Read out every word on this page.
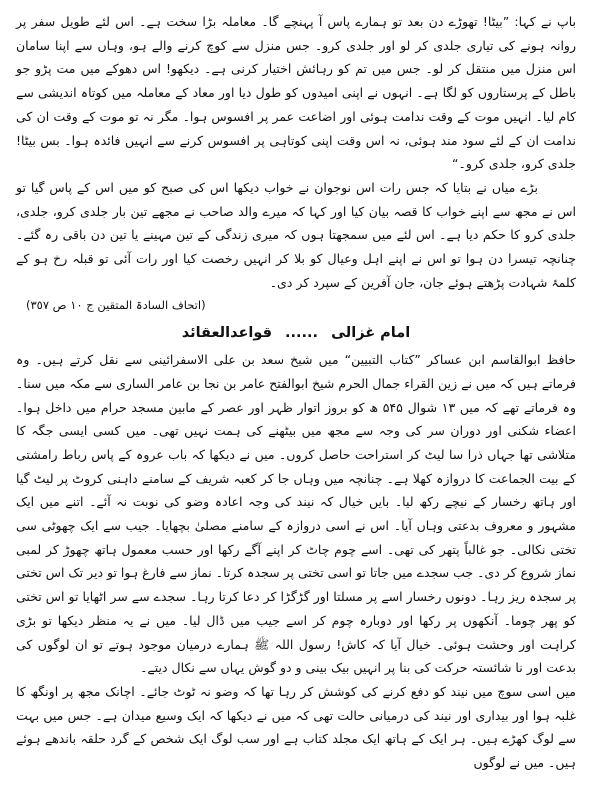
باپ نے کہا: ”بیٹا! تھوڑے دن بعد تو ہمارے پاس آ پہنچے گا۔ معاملہ بڑا سخت ہے۔ اس لئے طویل سفر پر روانہ ہونے کی تیاری جلدی کر لو اور جلدی کرو۔ جس منزل سے کوچ کرنے والے ہو، وہاں سے اپنا سامان اس منزل میں منتقل کر لو۔ جس میں تم کو رہائش اختیار کرنی ہے۔ دیکھو! اس دھوکے میں مت پڑو جو باطل کے پرستاروں کو لگا ہے۔ انہوں نے اپنی امیدوں کو طول دیا اور معاد کے معاملہ میں کوتاہ اندیشی سے کام لیا۔ انہیں موت کے وقت ندامت ہوئی اور اضاعت عمر پر افسوس ہوا۔ مگر نہ تو موت کے وقت ان کی ندامت ان کے لئے سود مند ہوئی، نہ اس وقت اپنی کوتاہی پر افسوس کرنے سے انہیں فائدہ ہوا۔ بس بیٹا! جلدی کرو، جلدی کرو۔“

بڑے میاں نے بتایا کہ جس رات اس نوجوان نے خواب دیکھا اس کی صبح کو میں اس کے پاس گیا تو اس نے مجھ سے اپنے خواب کا قصہ بیان کیا اور کہا کہ میرے والد صاحب نے مجھے تین بار جلدی کرو، جلدی، جلدی کرو کا حکم دیا ہے۔ اس لئے میں سمجھتا ہوں کہ میری زندگی کے تین مہینے یا تین دن باقی رہ گئے۔ چنانچہ تیسرا دن ہوا تو اس نے اپنے اہل وعیال کو بلا کر انہیں رخصت کیا اور رات آئی تو قبلہ رخ ہو کے کلمۂ شہادت پڑھتے ہوئے جان، جان آفرین کے سپرد کر دی۔

(اتحاف السادۃ المتقین ج ١٠ ص ٣٥٧)

امام غزالی ...... قواعدالعقائد

حافظ ابوالقاسم ابن عساکر ”کتاب التبیین“ میں شیخ سعد بن علی الاسفرائینی سے نقل کرتے ہیں۔ وہ فرماتے ہیں کہ میں نے زین القراء جمال الحرم شیخ ابوالفتح عامر بن نجا بن عامر الساری سے مکہ میں سنا۔ وہ فرماتے تھے کہ میں ۱۳ شوال ۵۴۵ ھ کو بروز اتوار ظہر اور عصر کے مابین مسجد حرام میں داخل ہوا۔ اعضاء شکنی اور دوران سر کی وجہ سے مجھ میں بیٹھنے کی ہمت نہیں تھی۔ میں کسی ایسی جگہ کا متلاشی تھا جہاں ذرا سا لیٹ کر استراحت حاصل کروں۔ میں نے دیکھا کہ باب عروہ کے پاس رباط رامشتی کے بیت الجماعت کا دروازہ کھلا ہے۔ چنانچہ میں وہاں جا کر کعبہ شریف کے سامنے داہنی کروٹ پر لیٹ گیا اور ہاتھ رخسار کے نیچے رکھ لیا۔ بایں خیال کہ نیند کی وجہ اعادہ وضو کی نوبت نہ آئے۔ اتنے میں ایک مشہور و معروف بدعتی وہاں آیا۔ اس نے اسی دروازہ کے سامنے مصلیٰ بچھایا۔ جیب سے ایک چھوٹی سی تختی نکالی۔ جو غالباً پتھر کی تھی۔ اسے چوم چاٹ کر اپنے آگے رکھا اور حسب معمول ہاتھ چھوڑ کر لمبی نماز شروع کر دی۔ جب سجدے میں جاتا تو اسی تختی پر سجدہ کرتا۔ نماز سے فارغ ہوا تو دیر تک اس تختی پر سجدہ ریز رہا۔ دونوں رخسار اسے پر مسلتا اور گڑگڑا کر دعا کرتا رہا۔ سجدے سے سر اٹھایا تو اس تختی کو پھر چوما۔ آنکھوں پر رکھا اور دوبارہ چوم کر اسے جیب میں ڈال لیا۔ میں نے یہ منظر دیکھا تو بڑی کراہت اور وحشت ہوئی۔ خیال آیا کہ کاش! رسول اللہ ﷺ ہمارے درمیان موجود ہوتے تو ان لوگوں کی بدعت اور نا شائستہ حرکت کی بنا پر انہیں بیک بینی و دو گوش یہاں سے نکال دیتے۔

میں اسی سوچ میں نیند کو دفع کرنے کی کوشش کر رہا تھا کہ وضو نہ ٹوٹ جائے۔ اچانک مجھ پر اونگھ کا غلبہ ہوا اور بیداری اور نیند کی درمیانی حالت تھی کہ میں نے دیکھا کہ ایک وسیع میدان ہے۔ جس میں بہت سے لوگ کھڑے ہیں۔ ہر ایک کے ہاتھ ایک مجلد کتاب ہے اور سب لوگ ایک شخص کے گرد حلقہ باندھے ہوئے ہیں۔ میں نے لوگوں
